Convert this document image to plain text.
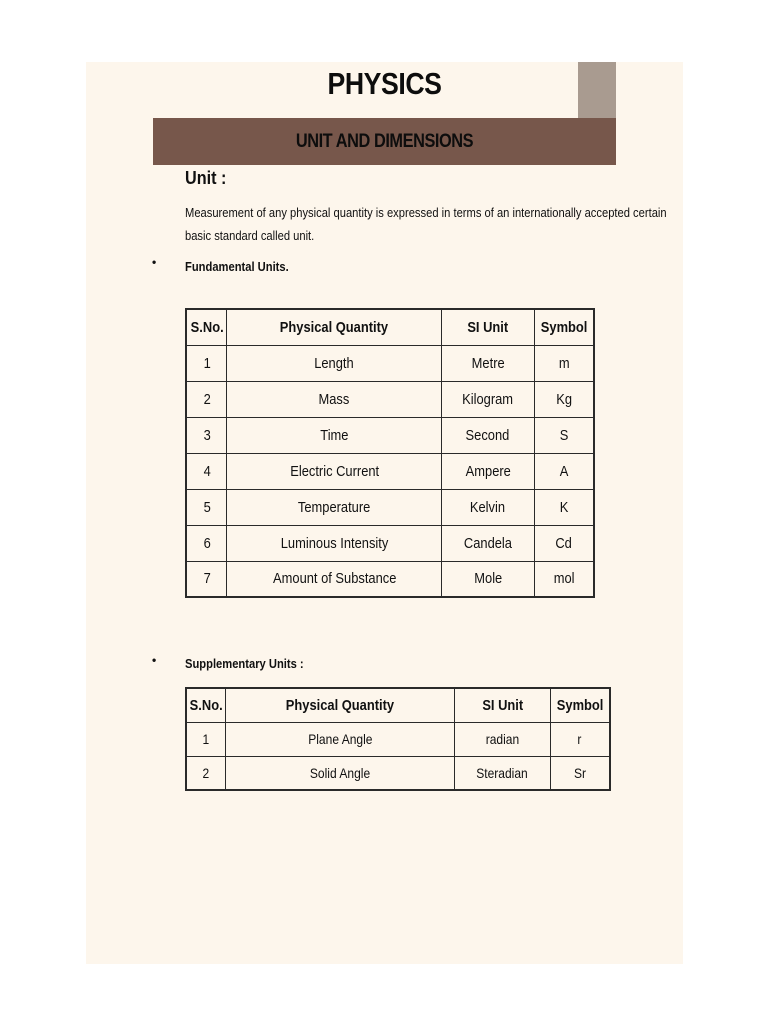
PHYSICS
UNIT AND DIMENSIONS
Unit :
Measurement of any physical quantity is expressed in terms of an internationally accepted certain
basic standard called unit.
• Fundamental Units.
S.No.	Physical Quantity	SI Unit	Symbol
1	Length	Metre	m
2	Mass	Kilogram	Kg
3	Time	Second	S
4	Electric Current	Ampere	A
5	Temperature	Kelvin	K
6	Luminous Intensity	Candela	Cd
7	Amount of Substance	Mole	mol
• Supplementary Units :
S.No.	Physical Quantity	SI Unit	Symbol
1	Plane Angle	radian	r
2	Solid Angle	Steradian	Sr
